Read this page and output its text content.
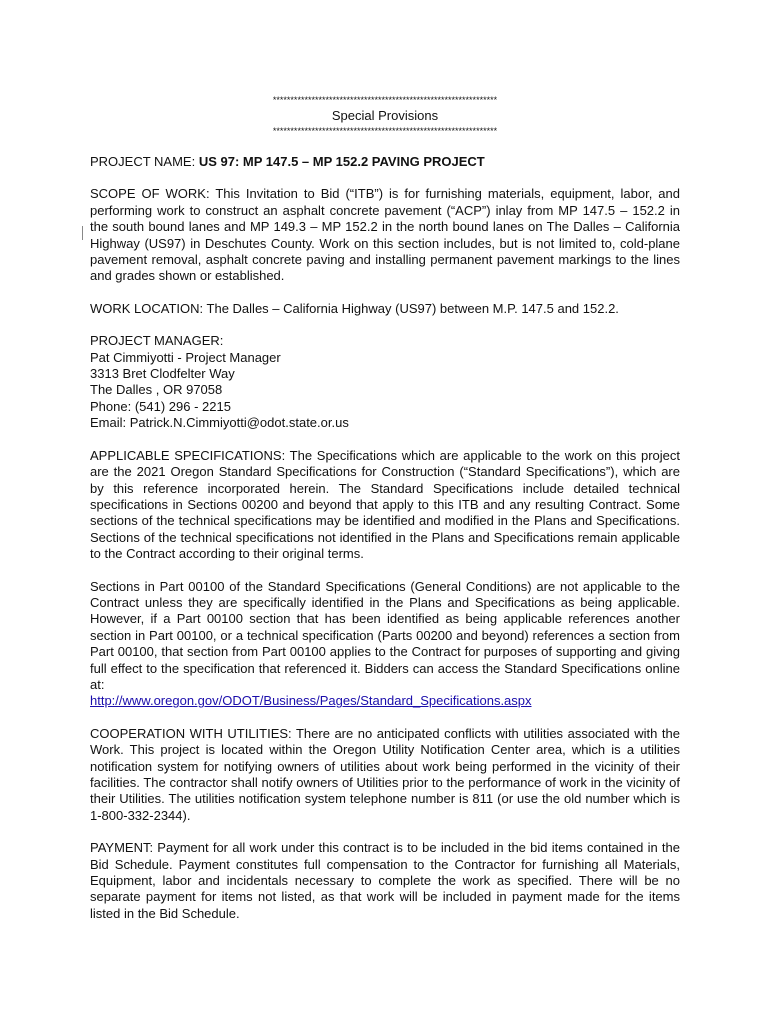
****************************************************************
Special Provisions
****************************************************************

PROJECT NAME: US 97: MP 147.5 – MP 152.2 PAVING PROJECT

SCOPE OF WORK: This Invitation to Bid (“ITB”) is for furnishing materials, equipment, labor, and performing work to construct an asphalt concrete pavement (“ACP”) inlay from MP 147.5 – 152.2 in the south bound lanes and MP 149.3 – MP 152.2 in the north bound lanes on The Dalles – California Highway (US97) in Deschutes County. Work on this section includes, but is not limited to, cold-plane pavement removal, asphalt concrete paving and installing permanent pavement markings to the lines and grades shown or established.

WORK LOCATION: The Dalles – California Highway (US97) between M.P. 147.5 and 152.2.

PROJECT MANAGER:
Pat Cimmiyotti - Project Manager
3313 Bret Clodfelter Way
The Dalles , OR 97058
Phone: (541) 296 - 2215
Email: Patrick.N.Cimmiyotti@odot.state.or.us

APPLICABLE SPECIFICATIONS: The Specifications which are applicable to the work on this project are the 2021 Oregon Standard Specifications for Construction (“Standard Specifications”), which are by this reference incorporated herein. The Standard Specifications include detailed technical specifications in Sections 00200 and beyond that apply to this ITB and any resulting Contract. Some sections of the technical specifications may be identified and modified in the Plans and Specifications. Sections of the technical specifications not identified in the Plans and Specifications remain applicable to the Contract according to their original terms.

Sections in Part 00100 of the Standard Specifications (General Conditions) are not applicable to the Contract unless they are specifically identified in the Plans and Specifications as being applicable. However, if a Part 00100 section that has been identified as being applicable references another section in Part 00100, or a technical specification (Parts 00200 and beyond) references a section from Part 00100, that section from Part 00100 applies to the Contract for purposes of supporting and giving full effect to the specification that referenced it. Bidders can access the Standard Specifications online at:
http://www.oregon.gov/ODOT/Business/Pages/Standard_Specifications.aspx

COOPERATION WITH UTILITIES: There are no anticipated conflicts with utilities associated with the Work. This project is located within the Oregon Utility Notification Center area, which is a utilities notification system for notifying owners of utilities about work being performed in the vicinity of their facilities. The contractor shall notify owners of Utilities prior to the performance of work in the vicinity of their Utilities. The utilities notification system telephone number is 811 (or use the old number which is 1-800-332-2344).

PAYMENT: Payment for all work under this contract is to be included in the bid items contained in the Bid Schedule. Payment constitutes full compensation to the Contractor for furnishing all Materials, Equipment, labor and incidentals necessary to complete the work as specified. There will be no separate payment for items not listed, as that work will be included in payment made for the items listed in the Bid Schedule.
